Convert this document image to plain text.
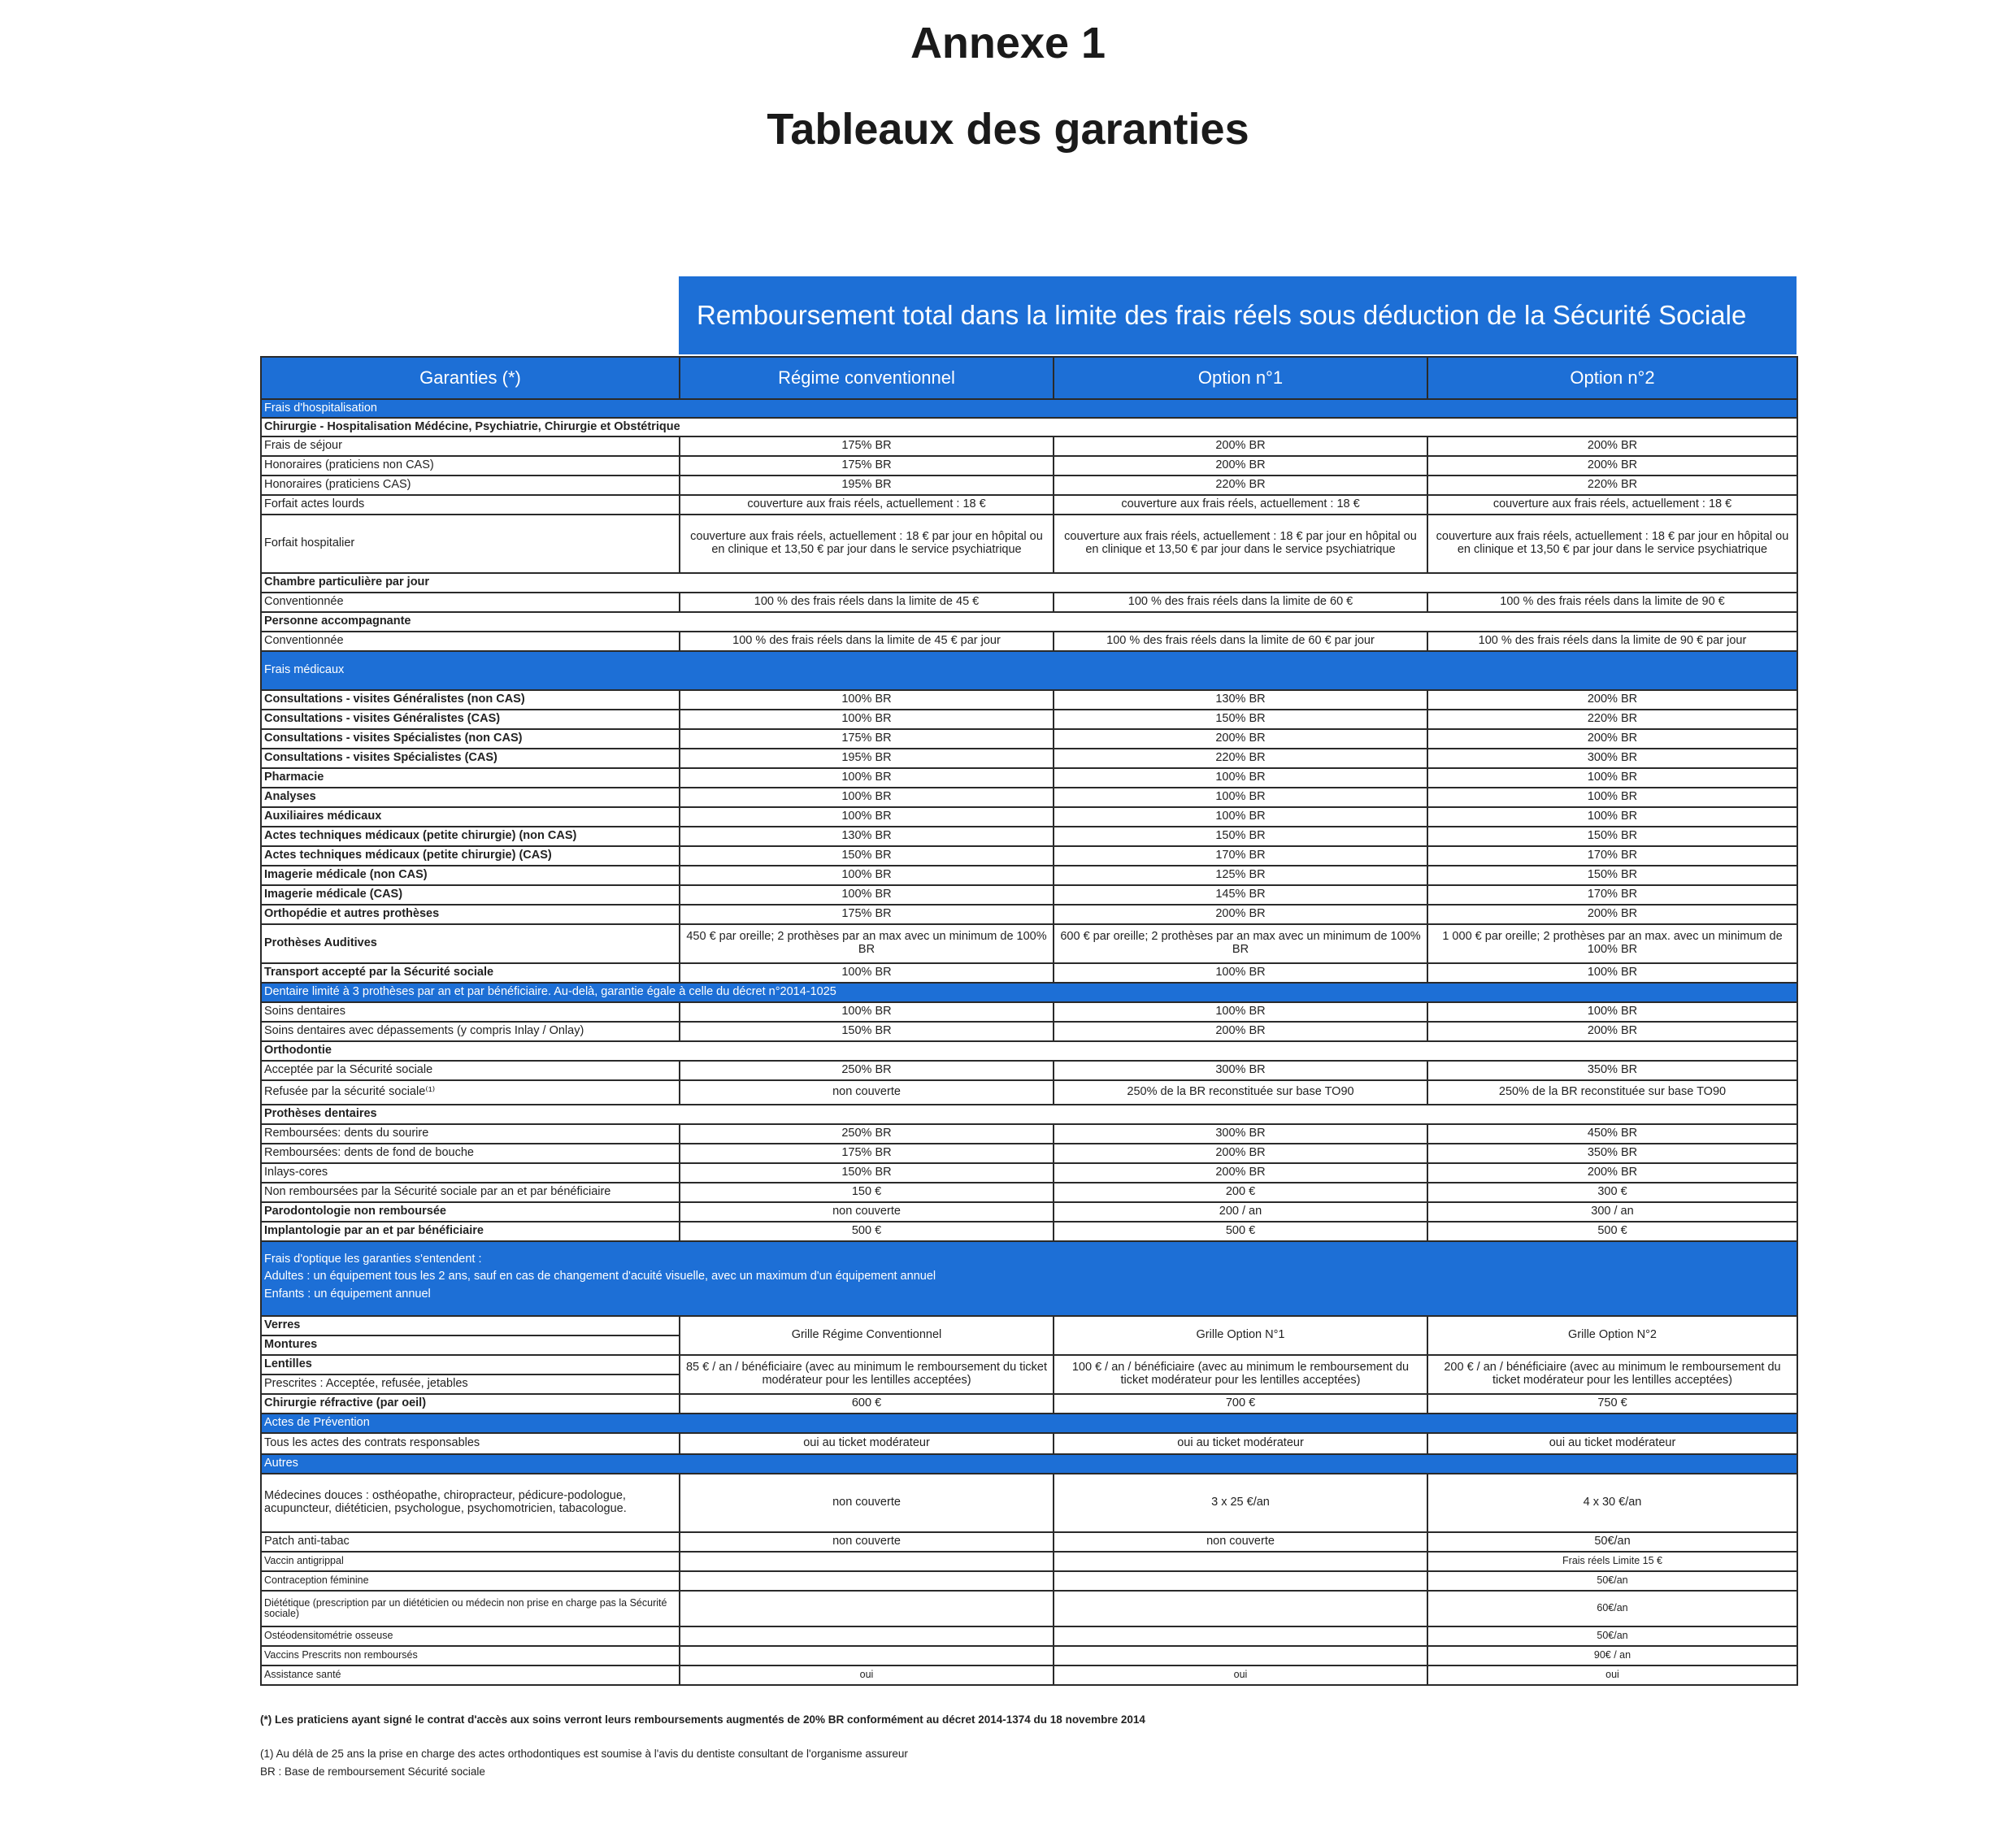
Annexe 1
Tableaux des garanties
Remboursement total dans la limite des frais réels sous déduction de la Sécurité Sociale
Garanties (*)	Régime conventionnel	Option n°1	Option n°2
Frais d'hospitalisation			
Chirurgie - Hospitalisation Médécine, Psychiatrie, Chirurgie et Obstétrique			
Frais de séjour	175% BR	200% BR	200% BR
Honoraires (praticiens non CAS)	175% BR	200% BR	200% BR
Honoraires (praticiens CAS)	195% BR	220% BR	220% BR
Forfait actes lourds	couverture aux frais réels, actuellement : 18 €	couverture aux frais réels, actuellement : 18 €	couverture aux frais réels, actuellement : 18 €
Forfait hospitalier	couverture aux frais réels, actuellement : 18 € par jour en hôpital ou en clinique et 13,50 € par jour dans le service psychiatrique	couverture aux frais réels, actuellement : 18 € par jour en hôpital ou en clinique et 13,50 € par jour dans le service psychiatrique	couverture aux frais réels, actuellement : 18 € par jour en hôpital ou en clinique et 13,50 € par jour dans le service psychiatrique
Chambre particulière par jour			
Conventionnée	100 % des frais réels dans la limite de 45 €	100 % des frais réels dans la limite de 60 €	100 % des frais réels dans la limite de 90 €
Personne accompagnante			
Conventionnée	100 % des frais réels dans la limite de 45 € par jour	100 % des frais réels dans la limite de 60 € par jour	100 % des frais réels dans la limite de 90 € par jour
Frais médicaux			
Consultations - visites Généralistes (non CAS)	100% BR	130% BR	200% BR
Consultations - visites Généralistes (CAS)	100% BR	150% BR	220% BR
Consultations - visites Spécialistes (non CAS)	175% BR	200% BR	200% BR
Consultations - visites Spécialistes (CAS)	195% BR	220% BR	300% BR
Pharmacie	100% BR	100% BR	100% BR
Analyses	100% BR	100% BR	100% BR
Auxiliaires médicaux	100% BR	100% BR	100% BR
Actes techniques médicaux (petite chirurgie) (non CAS)	130% BR	150% BR	150% BR
Actes techniques médicaux (petite chirurgie) (CAS)	150% BR	170% BR	170% BR
Imagerie médicale (non CAS)	100% BR	125% BR	150% BR
Imagerie médicale (CAS)	100% BR	145% BR	170% BR
Orthopédie et autres prothèses	175% BR	200% BR	200% BR
Prothèses Auditives	450 € par oreille; 2 prothèses par an max avec un minimum de 100% BR	600 € par oreille; 2 prothèses par an max avec un minimum de 100% BR	1 000 € par oreille; 2 prothèses par an max. avec un minimum de 100% BR
Transport accepté par la Sécurité sociale	100% BR	100% BR	100% BR
Dentaire limité à 3 prothèses par an et par bénéficiaire. Au-delà, garantie égale à celle du décret n°2014-1025			
Soins dentaires	100% BR	100% BR	100% BR
Soins dentaires avec dépassements (y compris Inlay / Onlay)	150% BR	200% BR	200% BR
Orthodontie			
Acceptée par la Sécurité sociale	250% BR	300% BR	350% BR
Refusée par la sécurité sociale⁽¹⁾	non couverte	250% de la BR reconstituée sur base TO90	250% de la BR reconstituée sur base TO90
Prothèses dentaires			
Remboursées: dents du sourire	250% BR	300% BR	450% BR
Remboursées: dents de fond de bouche	175% BR	200% BR	350% BR
Inlays-cores	150% BR	200% BR	200% BR
Non remboursées par la Sécurité sociale par an et par bénéficiaire	150 €	200 €	300 €
Parodontologie non remboursée	non couverte	200 / an	300 / an
Implantologie par an et par bénéficiaire	500 €	500 €	500 €

Frais d'optique les garanties s'entendent :
Adultes : un équipement tous les 2 ans, sauf en cas de changement d'acuité visuelle, avec un maximum d'un équipement annuel
Enfants : un équipement annuel			

Verres	Grille Régime Conventionnel	Grille Option N°1	Grille Option N°2
Montures			
Lentilles	85 € / an / bénéficiaire (avec au minimum le remboursement du ticket modérateur pour les lentilles acceptées)	100 € / an / bénéficiaire (avec au minimum le remboursement du ticket modérateur pour les lentilles acceptées)	200 € / an / bénéficiaire (avec au minimum le remboursement du ticket modérateur pour les lentilles acceptées)
Prescrites : Acceptée, refusée, jetables			
Chirurgie réfractive (par oeil)	600 €	700 €	750 €
Actes de Prévention			
Tous les actes des contrats responsables	oui au ticket modérateur	oui au ticket modérateur	oui au ticket modérateur
Autres			
Médecines douces : osthéopathe, chiropracteur, pédicure-podologue, acupuncteur, diététicien, psychologue, psychomotricien, tabacologue.	non couverte	3 x 25 €/an	4 x 30 €/an
Patch anti-tabac	non couverte	non couverte	50€/an
Vaccin antigrippal			Frais réels Limite 15 €
Contraception féminine			50€/an
Diététique (prescription par un diététicien ou médecin non prise en charge pas la Sécurité sociale)			60€/an
Ostéodensitométrie osseuse			50€/an
Vaccins Prescrits non remboursés			90€ / an
Assistance santé	oui	oui	oui
(*) Les praticiens ayant signé le contrat d'accès aux soins verront leurs remboursements augmentés de 20% BR conformément au décret 2014-1374 du 18 novembre 2014
(1) Au délà de 25 ans la prise en charge des actes orthodontiques est soumise à l'avis du dentiste consultant de l'organisme assureur
BR : Base de remboursement Sécurité sociale
